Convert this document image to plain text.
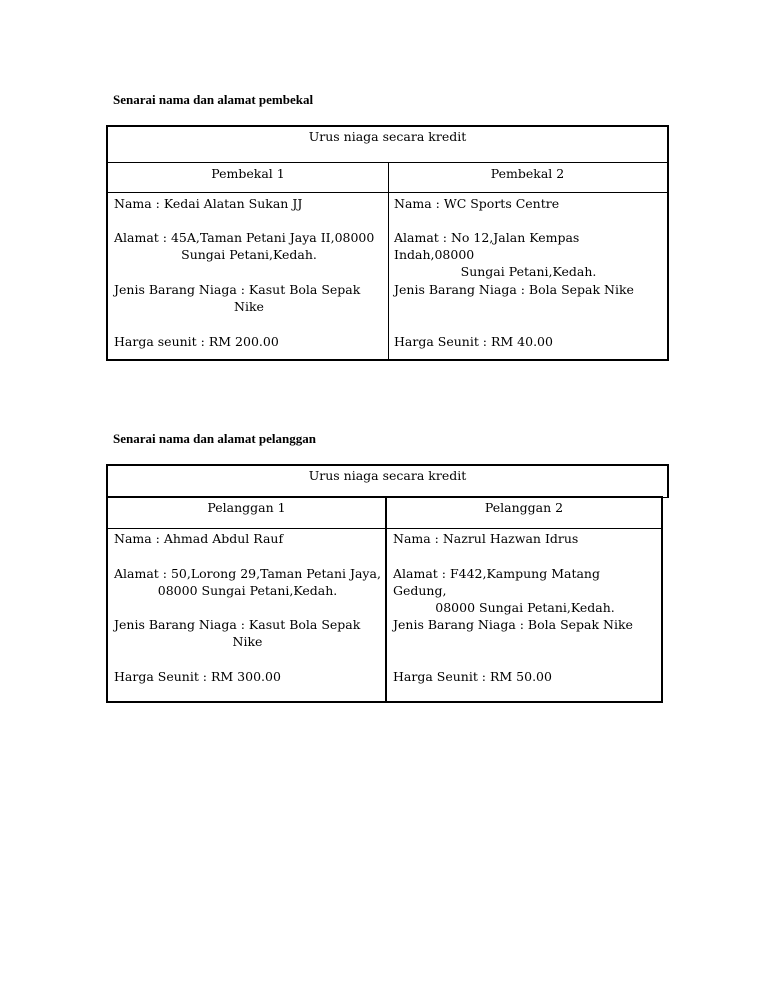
Senarai nama dan alamat pembekal
Urus niaga secara kredit
Pembekal 1	Pembekal 2
Nama : Kedai Alatan Sukan JJ
Alamat : 45A,Taman Petani Jaya II,08000
Sungai Petani,Kedah.
Jenis Barang Niaga : Kasut Bola Sepak
Nike
Harga seunit : RM 200.00
Nama : WC Sports Centre
Alamat : No 12,Jalan Kempas Indah,08000
Sungai Petani,Kedah.
Jenis Barang Niaga : Bola Sepak Nike
Harga Seunit : RM 40.00
Senarai nama dan alamat pelanggan
Urus niaga secara kredit
Pelanggan 1	Pelanggan 2
Nama : Ahmad Abdul Rauf
Alamat : 50,Lorong 29,Taman Petani Jaya,
08000 Sungai Petani,Kedah.
Jenis Barang Niaga : Kasut Bola Sepak
Nike
Harga Seunit : RM 300.00
Nama : Nazrul Hazwan Idrus
Alamat : F442,Kampung Matang Gedung,
08000 Sungai Petani,Kedah.
Jenis Barang Niaga : Bola Sepak Nike
Harga Seunit : RM 50.00
